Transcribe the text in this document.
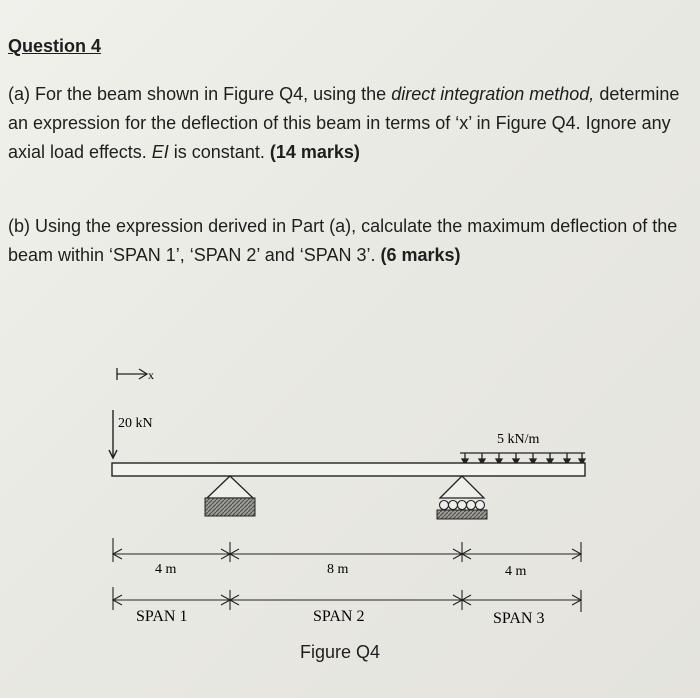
Question 4

(a) For the beam shown in Figure Q4, using the direct integration method, determine an expression for the deflection of this beam in terms of ‘x’ in Figure Q4. Ignore any axial load effects. EI is constant. (14 marks)

(b) Using the expression derived in Part (a), calculate the maximum deflection of the beam within ‘SPAN 1’, ‘SPAN 2’ and ‘SPAN 3’. (6 marks)

x
20 kN
5 kN/m
4 m	8 m	4 m
SPAN 1	SPAN 2	SPAN 3
Figure Q4
